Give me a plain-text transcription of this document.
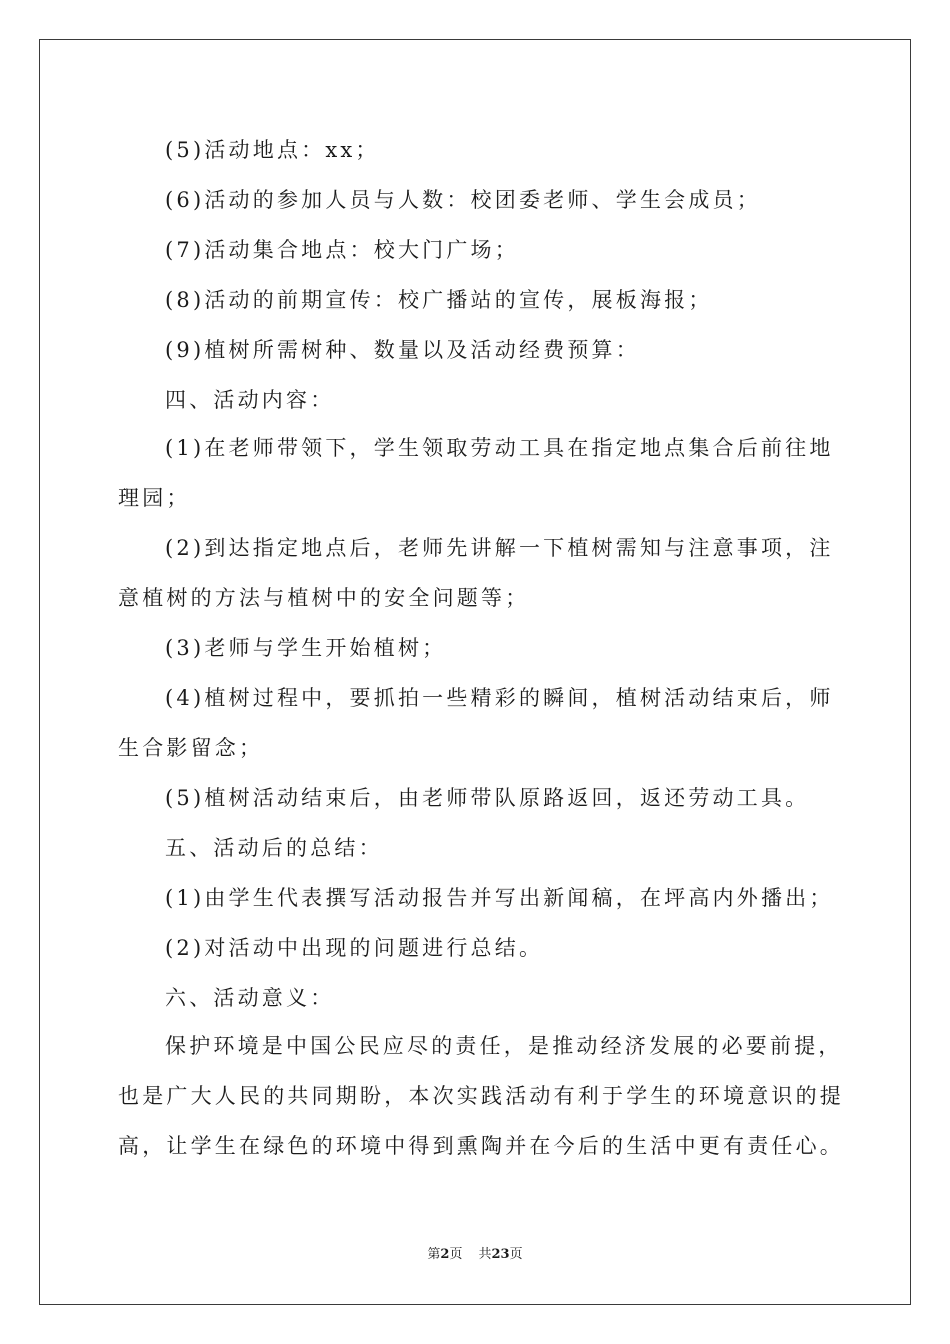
(5)活动地点：xx；
(6)活动的参加人员与人数：校团委老师、学生会成员；
(7)活动集合地点：校大门广场；
(8)活动的前期宣传：校广播站的宣传，展板海报；
(9)植树所需树种、数量以及活动经费预算：
四、活动内容：
(1)在老师带领下，学生领取劳动工具在指定地点集合后前往地
理园；
(2)到达指定地点后，老师先讲解一下植树需知与注意事项，注
意植树的方法与植树中的安全问题等；
(3)老师与学生开始植树；
(4)植树过程中，要抓拍一些精彩的瞬间，植树活动结束后，师
生合影留念；
(5)植树活动结束后，由老师带队原路返回，返还劳动工具。
五、活动后的总结：
(1)由学生代表撰写活动报告并写出新闻稿，在坪高内外播出；
(2)对活动中出现的问题进行总结。
六、活动意义：
保护环境是中国公民应尽的责任，是推动经济发展的必要前提，
也是广大人民的共同期盼，本次实践活动有利于学生的环境意识的提
高，让学生在绿色的环境中得到熏陶并在今后的生活中更有责任心。
第2页 共23页
